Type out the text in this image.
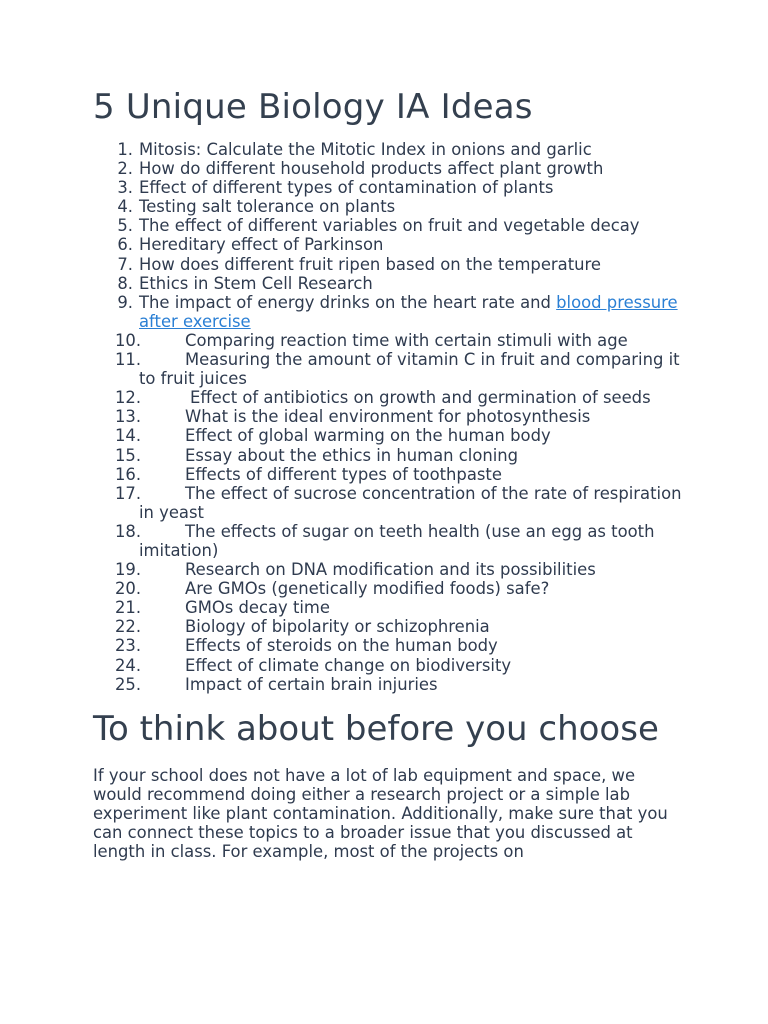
5 Unique Biology IA Ideas
1. Mitosis: Calculate the Mitotic Index in onions and garlic
2. How do different household products affect plant growth
3. Effect of different types of contamination of plants
4. Testing salt tolerance on plants
5. The effect of different variables on fruit and vegetable decay
6. Hereditary effect of Parkinson
7. How does different fruit ripen based on the temperature
8. Ethics in Stem Cell Research
9. The impact of energy drinks on the heart rate and blood pressure after exercise
10.	Comparing reaction time with certain stimuli with age
11.	Measuring the amount of vitamin C in fruit and comparing it to fruit juices
12.	Effect of antibiotics on growth and germination of seeds
13.	What is the ideal environment for photosynthesis
14.	Effect of global warming on the human body
15.	Essay about the ethics in human cloning
16.	Effects of different types of toothpaste
17.	The effect of sucrose concentration of the rate of respiration in yeast
18.	The effects of sugar on teeth health (use an egg as tooth imitation)
19.	Research on DNA modification and its possibilities
20.	Are GMOs (genetically modified foods) safe?
21.	GMOs decay time
22.	Biology of bipolarity or schizophrenia
23.	Effects of steroids on the human body
24.	Effect of climate change on biodiversity
25.	Impact of certain brain injuries
To think about before you choose

If your school does not have a lot of lab equipment and space, we would recommend doing either a research project or a simple lab experiment like plant contamination. Additionally, make sure that you can connect these topics to a broader issue that you discussed at length in class. For example, most of the projects on
